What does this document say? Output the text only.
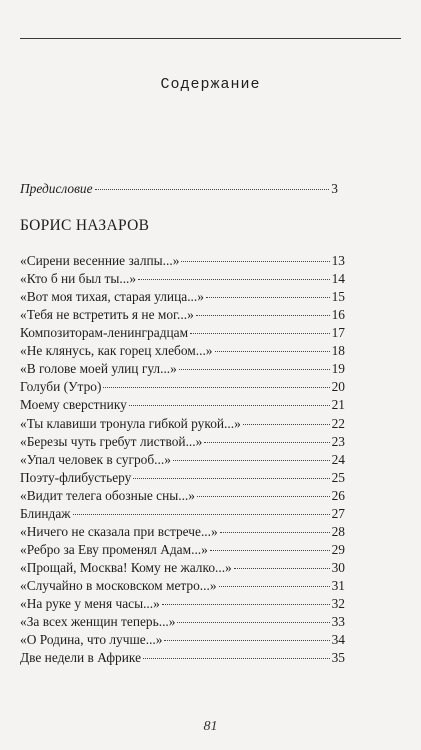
Содержание
Предисловие	3
БОРИС НАЗАРОВ
«Сирени весенние залпы...»	13
«Кто б ни был ты...»	14
«Вот моя тихая, старая улица...»	15
«Тебя не встретить я не мог...»	16
Композиторам-ленинградцам	17
«Не клянусь, как горец хлебом...»	18
«В голове моей улиц гул...»	19
Голуби (Утро)	20
Моему сверстнику	21
«Ты клавиши тронула гибкой рукой...»	22
«Березы чуть гребут листвой...»	23
«Упал человек в сугроб...»	24
Поэту-флибустьеру	25
«Видит телега обозные сны...»	26
Блиндаж	27
«Ничего не сказала при встрече...»	28
«Ребро за Еву променял Адам...»	29
«Прощай, Москва! Кому не жалко...»	30
«Случайно в московском метро...»	31
«На руке у меня часы...»	32
«За всех женщин теперь...»	33
«О Родина, что лучше...»	34
Две недели в Африке	35
81
